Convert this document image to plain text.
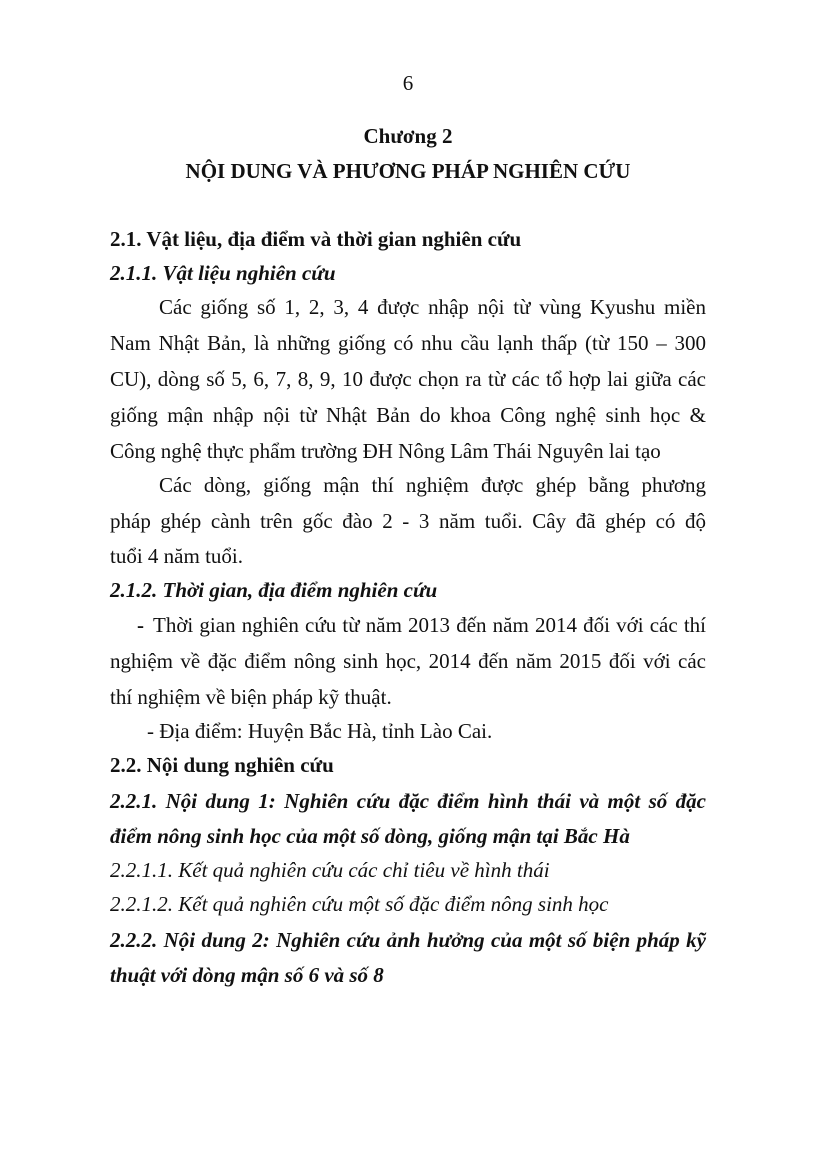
6

Chương 2

NỘI DUNG VÀ PHƯƠNG PHÁP NGHIÊN CỨU

2.1. Vật liệu, địa điểm và thời gian nghiên cứu

2.1.1. Vật liệu nghiên cứu

Các giống số 1, 2, 3, 4 được nhập nội từ vùng Kyushu miền

Nam Nhật Bản, là những giống có nhu cầu lạnh thấp (từ 150 – 300

CU), dòng số 5, 6, 7, 8, 9, 10 được chọn ra từ các tổ hợp lai giữa các

giống mận nhập nội từ Nhật Bản do khoa Công nghệ sinh học &

Công nghệ thực phẩm trường ĐH Nông Lâm Thái Nguyên lai tạo

Các dòng, giống mận thí nghiệm được ghép bằng phương

pháp ghép cành trên gốc đào 2 - 3 năm tuổi. Cây đã ghép có độ

tuổi 4 năm tuổi.

2.1.2. Thời gian, địa điểm nghiên cứu

- Thời gian nghiên cứu từ năm 2013 đến năm 2014 đối với các thí

nghiệm về đặc điểm nông sinh học, 2014 đến năm 2015 đối với các

thí nghiệm về biện pháp kỹ thuật.

- Địa điểm: Huyện Bắc Hà, tỉnh Lào Cai.

2.2. Nội dung nghiên cứu

2.2.1. Nội dung 1: Nghiên cứu đặc điểm hình thái và một số đặc

điểm nông sinh học của một số dòng, giống mận tại Bắc Hà

2.2.1.1. Kết quả nghiên cứu các chỉ tiêu về hình thái

2.2.1.2. Kết quả nghiên cứu một số đặc điểm nông sinh học

2.2.2. Nội dung 2: Nghiên cứu ảnh hưởng của một số biện pháp kỹ

thuật với dòng mận số 6 và số 8
